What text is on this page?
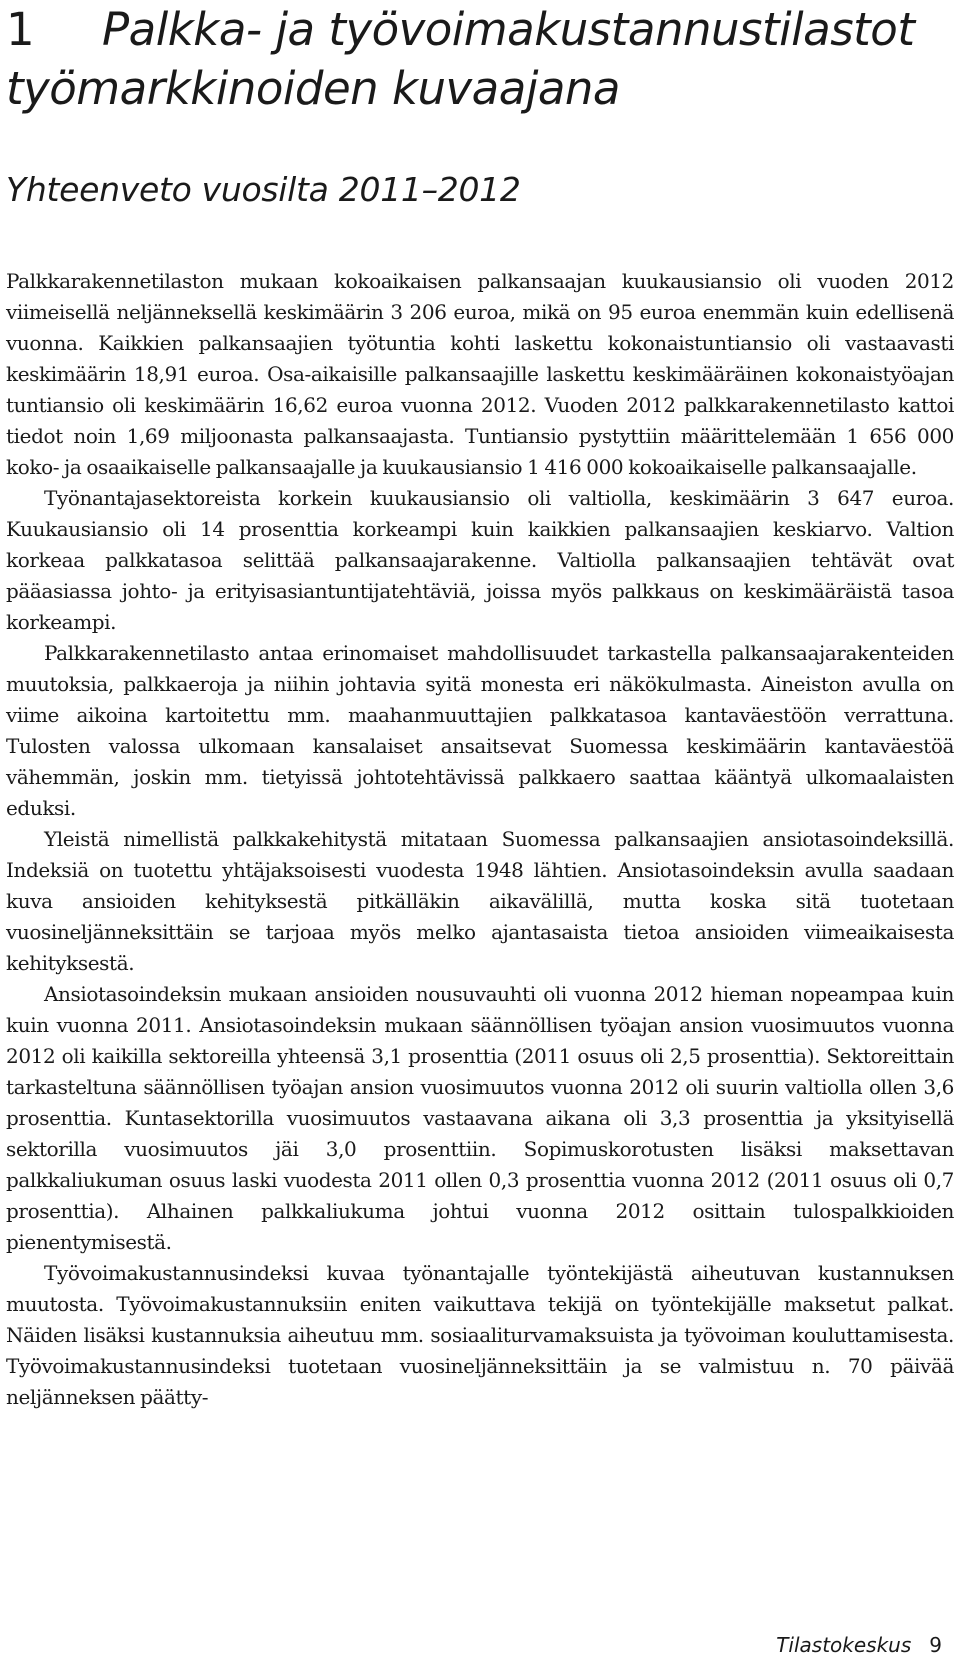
1 Palkka- ja työvoimakustannustilastot
työmarkkinoiden kuvaajana
Yhteenveto vuosilta 2011–2012

Palkkarakennetilaston mukaan kokoaikaisen palkansaajan kuukausiansio oli vuoden 2012 viimeisellä neljänneksellä keskimäärin 3 206 euroa, mikä on 95 euroa enemmän kuin edellisenä vuonna. Kaikkien palkansaajien työtuntia kohti laskettu kokonaistuntiansio oli vastaavasti keskimäärin 18,91 euroa. Osa-aikaisille palkansaajille laskettu keskimääräinen kokonaistyöajan tuntiansio oli keskimäärin 16,62 euroa vuonna 2012. Vuoden 2012 palkkarakennetilasto kattoi tiedot noin 1,69 miljoonasta palkansaajasta. Tuntiansio pystyttiin määrittelemään 1 656 000 koko- ja osaaikaiselle palkansaajalle ja kuukausiansio 1 416 000 kokoaikaiselle palkansaajalle.

Työnantajasektoreista korkein kuukausiansio oli valtiolla, keskimäärin 3 647 euroa. Kuukausiansio oli 14 prosenttia korkeampi kuin kaikkien palkansaajien keskiarvo. Valtion korkeaa palkkatasoa selittää palkansaajarakenne. Valtiolla palkansaajien tehtävät ovat pääasiassa johto- ja erityisasiantuntijatehtäviä, joissa myös palkkaus on keskimääräistä tasoa korkeampi.

Palkkarakennetilasto antaa erinomaiset mahdollisuudet tarkastella palkansaajarakenteiden muutoksia, palkkaeroja ja niihin johtavia syitä monesta eri näkökulmasta. Aineiston avulla on viime aikoina kartoitettu mm. maahanmuuttajien palkkatasoa kantaväestöön verrattuna. Tulosten valossa ulkomaan kansalaiset ansaitsevat Suomessa keskimäärin kantaväestöä vähemmän, joskin mm. tietyissä johtotehtävissä palkkaero saattaa kääntyä ulkomaalaisten eduksi.

Yleistä nimellistä palkkakehitystä mitataan Suomessa palkansaajien ansiotasoindeksillä. Indeksiä on tuotettu yhtäjaksoisesti vuodesta 1948 lähtien. Ansiotasoindeksin avulla saadaan kuva ansioiden kehityksestä pitkälläkin aikavälillä, mutta koska sitä tuotetaan vuosineljänneksittäin se tarjoaa myös melko ajantasaista tietoa ansioiden viimeaikaisesta kehityksestä.

Ansiotasoindeksin mukaan ansioiden nousuvauhti oli vuonna 2012 hieman nopeampaa kuin kuin vuonna 2011. Ansiotasoindeksin mukaan säännöllisen työajan ansion vuosimuutos vuonna 2012 oli kaikilla sektoreilla yhteensä 3,1 prosenttia (2011 osuus oli 2,5 prosenttia). Sektoreittain tarkasteltuna säännöllisen työajan ansion vuosimuutos vuonna 2012 oli suurin valtiolla ollen 3,6 prosenttia. Kuntasektorilla vuosimuutos vastaavana aikana oli 3,3 prosenttia ja yksityisellä sektorilla vuosimuutos jäi 3,0 prosenttiin. Sopimuskorotusten lisäksi maksettavan palkkaliukuman osuus laski vuodesta 2011 ollen 0,3 prosenttia vuonna 2012 (2011 osuus oli 0,7 prosenttia). Alhainen palkkaliukuma johtui vuonna 2012 osittain tulospalkkioiden pienentymisestä.

Työvoimakustannusindeksi kuvaa työnantajalle työntekijästä aiheutuvan kustannuksen muutosta. Työvoimakustannuksiin eniten vaikuttava tekijä on työntekijälle maksetut palkat. Näiden lisäksi kustannuksia aiheutuu mm. sosiaaliturvamaksuista ja työvoiman kouluttamisesta. Työvoimakustannusindeksi tuotetaan vuosineljänneksittäin ja se valmistuu n. 70 päivää neljänneksen päätty-

Tilastokeskus 9
